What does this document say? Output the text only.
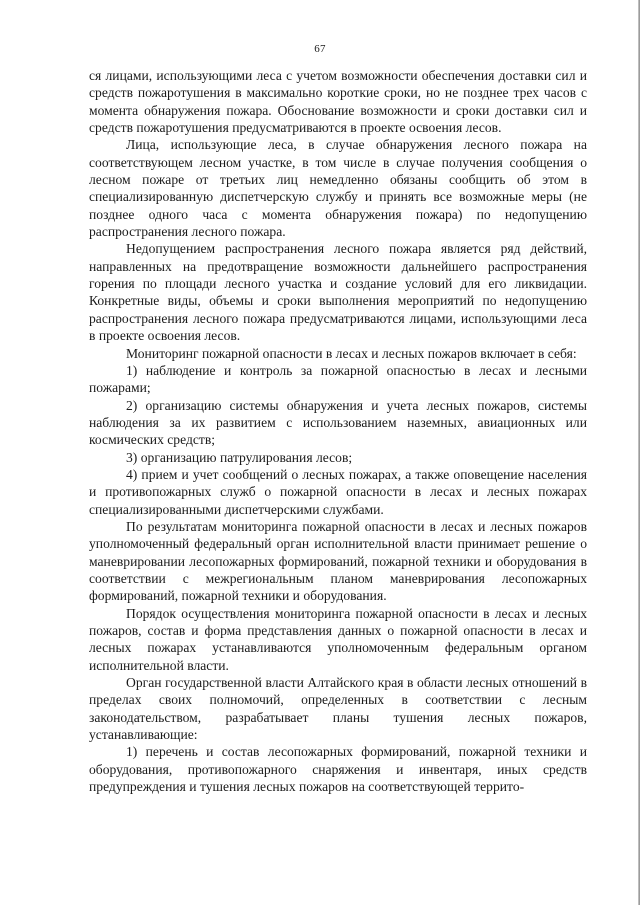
67

ся лицами, использующими леса с учетом возможности обеспечения доставки сил и средств пожаротушения в максимально короткие сроки, но не позднее трех часов с момента обнаружения пожара. Обоснование возможности и сроки доставки сил и средств пожаротушения предусматриваются в проекте освоения лесов.

Лица, использующие леса, в случае обнаружения лесного пожара на соответствующем лесном участке, в том числе в случае получения сообщения о лесном пожаре от третьих лиц немедленно обязаны сообщить об этом в специализированную диспетчерскую службу и принять все возможные меры (не позднее одного часа с момента обнаружения пожара) по недопущению распространения лесного пожара.

Недопущением распространения лесного пожара является ряд действий, направленных на предотвращение возможности дальнейшего распространения горения по площади лесного участка и создание условий для его ликвидации. Конкретные виды, объемы и сроки выполнения мероприятий по недопущению распространения лесного пожара предусматриваются лицами, использующими леса в проекте освоения лесов.

Мониторинг пожарной опасности в лесах и лесных пожаров включает в себя:

1) наблюдение и контроль за пожарной опасностью в лесах и лесными пожарами;

2) организацию системы обнаружения и учета лесных пожаров, системы наблюдения за их развитием с использованием наземных, авиационных или космических средств;

3) организацию патрулирования лесов;

4) прием и учет сообщений о лесных пожарах, а также оповещение населения и противопожарных служб о пожарной опасности в лесах и лесных пожарах специализированными диспетчерскими службами.

По результатам мониторинга пожарной опасности в лесах и лесных пожаров уполномоченный федеральный орган исполнительной власти принимает решение о маневрировании лесопожарных формирований, пожарной техники и оборудования в соответствии с межрегиональным планом маневрирования лесопожарных формирований, пожарной техники и оборудования.

Порядок осуществления мониторинга пожарной опасности в лесах и лесных пожаров, состав и форма представления данных о пожарной опасности в лесах и лесных пожарах устанавливаются уполномоченным федеральным органом исполнительной власти.

Орган государственной власти Алтайского края в области лесных отношений в пределах своих полномочий, определенных в соответствии с лесным законодательством, разрабатывает планы тушения лесных пожаров, устанавливающие:

1) перечень и состав лесопожарных формирований, пожарной техники и оборудования, противопожарного снаряжения и инвентаря, иных средств предупреждения и тушения лесных пожаров на соответствующей террито-
